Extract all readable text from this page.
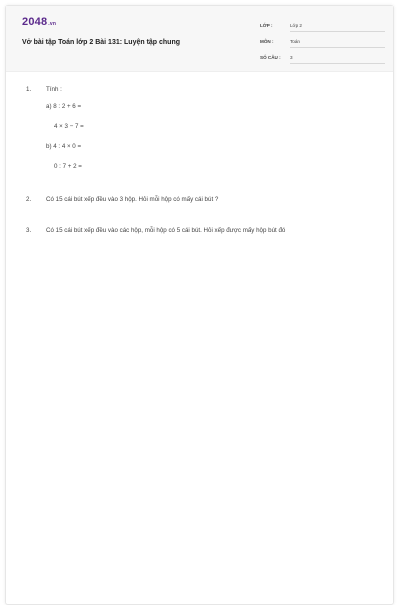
2048.vn
Vở bài tập Toán lớp 2 Bài 131: Luyện tập chung
LỚP :	Lớp 2
MÔN :	Toán
SỐ CÂU : 3
1. Tính :
a) 8 : 2 + 6 =
4 × 3 − 7 =
b) 4 : 4 × 0 =
0 : 7 + 2 =
2. Có 15 cái bút xếp đều vào 3 hộp. Hỏi mỗi hộp có mấy cái bút ?
3. Có 15 cái bút xếp đều vào các hộp, mỗi hộp có 5 cái bút. Hỏi xếp được mấy hộp bút đó
